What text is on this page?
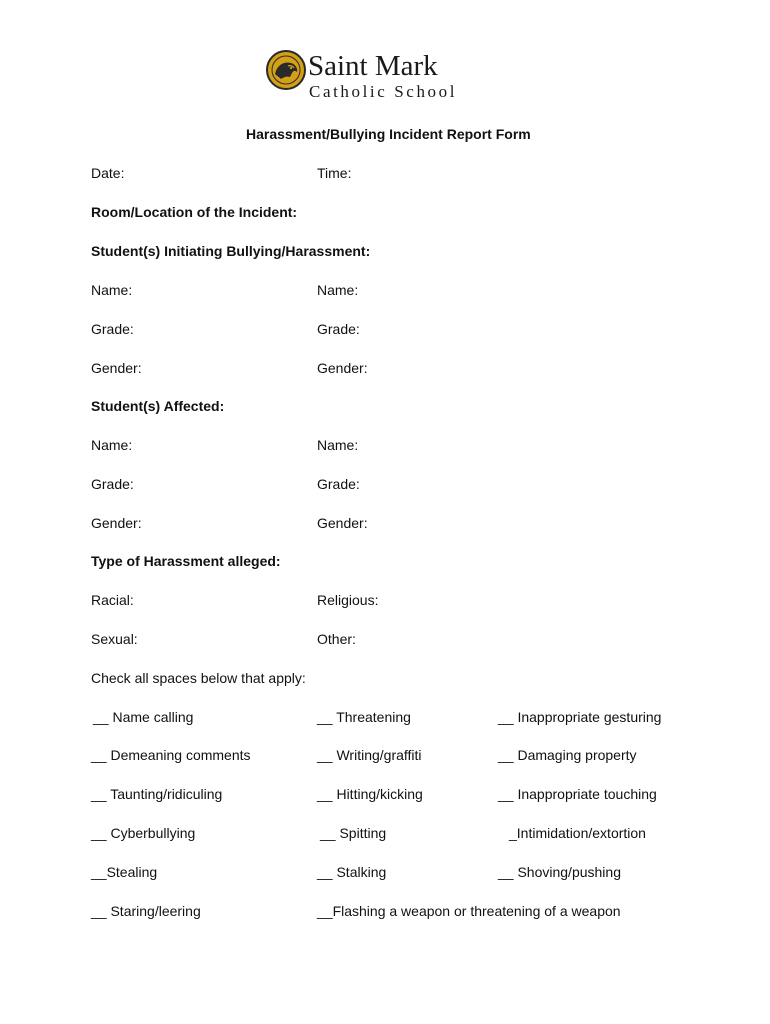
Saint Mark
Catholic School
Harassment/Bullying Incident Report Form
Date:	Time:
Room/Location of the Incident:
Student(s) Initiating Bullying/Harassment:
Name:	Name:
Grade:	Grade:
Gender:	Gender:
Student(s) Affected:
Name:	Name:
Grade:	Grade:
Gender:	Gender:
Type of Harassment alleged:
Racial:	Religious:
Sexual:	Other:
Check all spaces below that apply:
__ Name calling	__ Threatening	__ Inappropriate gesturing
__ Demeaning comments	__ Writing/graffiti	__ Damaging property
__ Taunting/ridiculing	__ Hitting/kicking	__ Inappropriate touching
__ Cyberbullying	__ Spitting	_Intimidation/extortion
__Stealing	__ Stalking	__ Shoving/pushing
__ Staring/leering	__Flashing a weapon or threatening of a weapon
